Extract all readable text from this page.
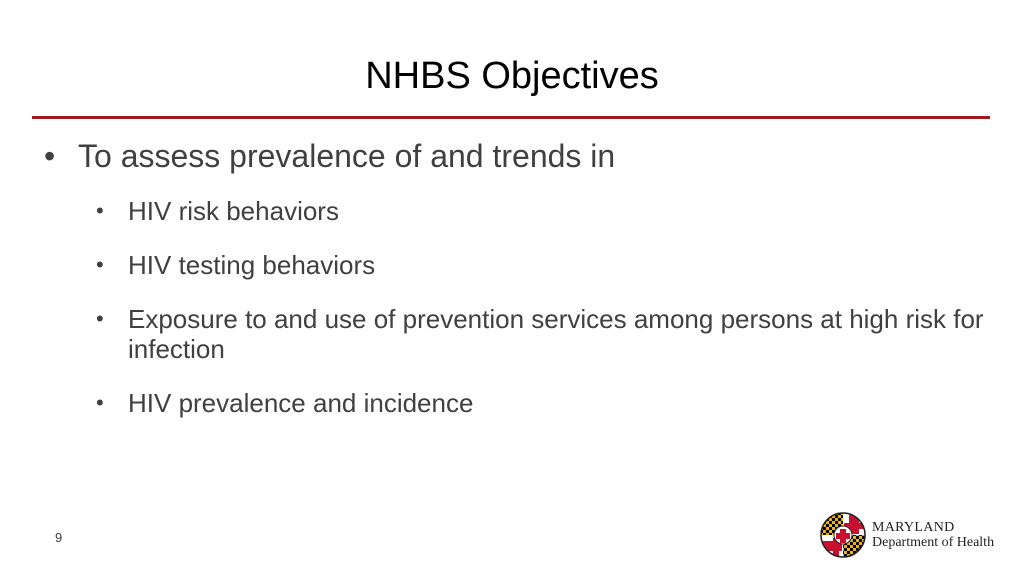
NHBS Objectives
• To assess prevalence of and trends in
• HIV risk behaviors
• HIV testing behaviors
• Exposure to and use of prevention services among persons at high risk for infection
• HIV prevalence and incidence
9
MARYLAND
Department of Health
